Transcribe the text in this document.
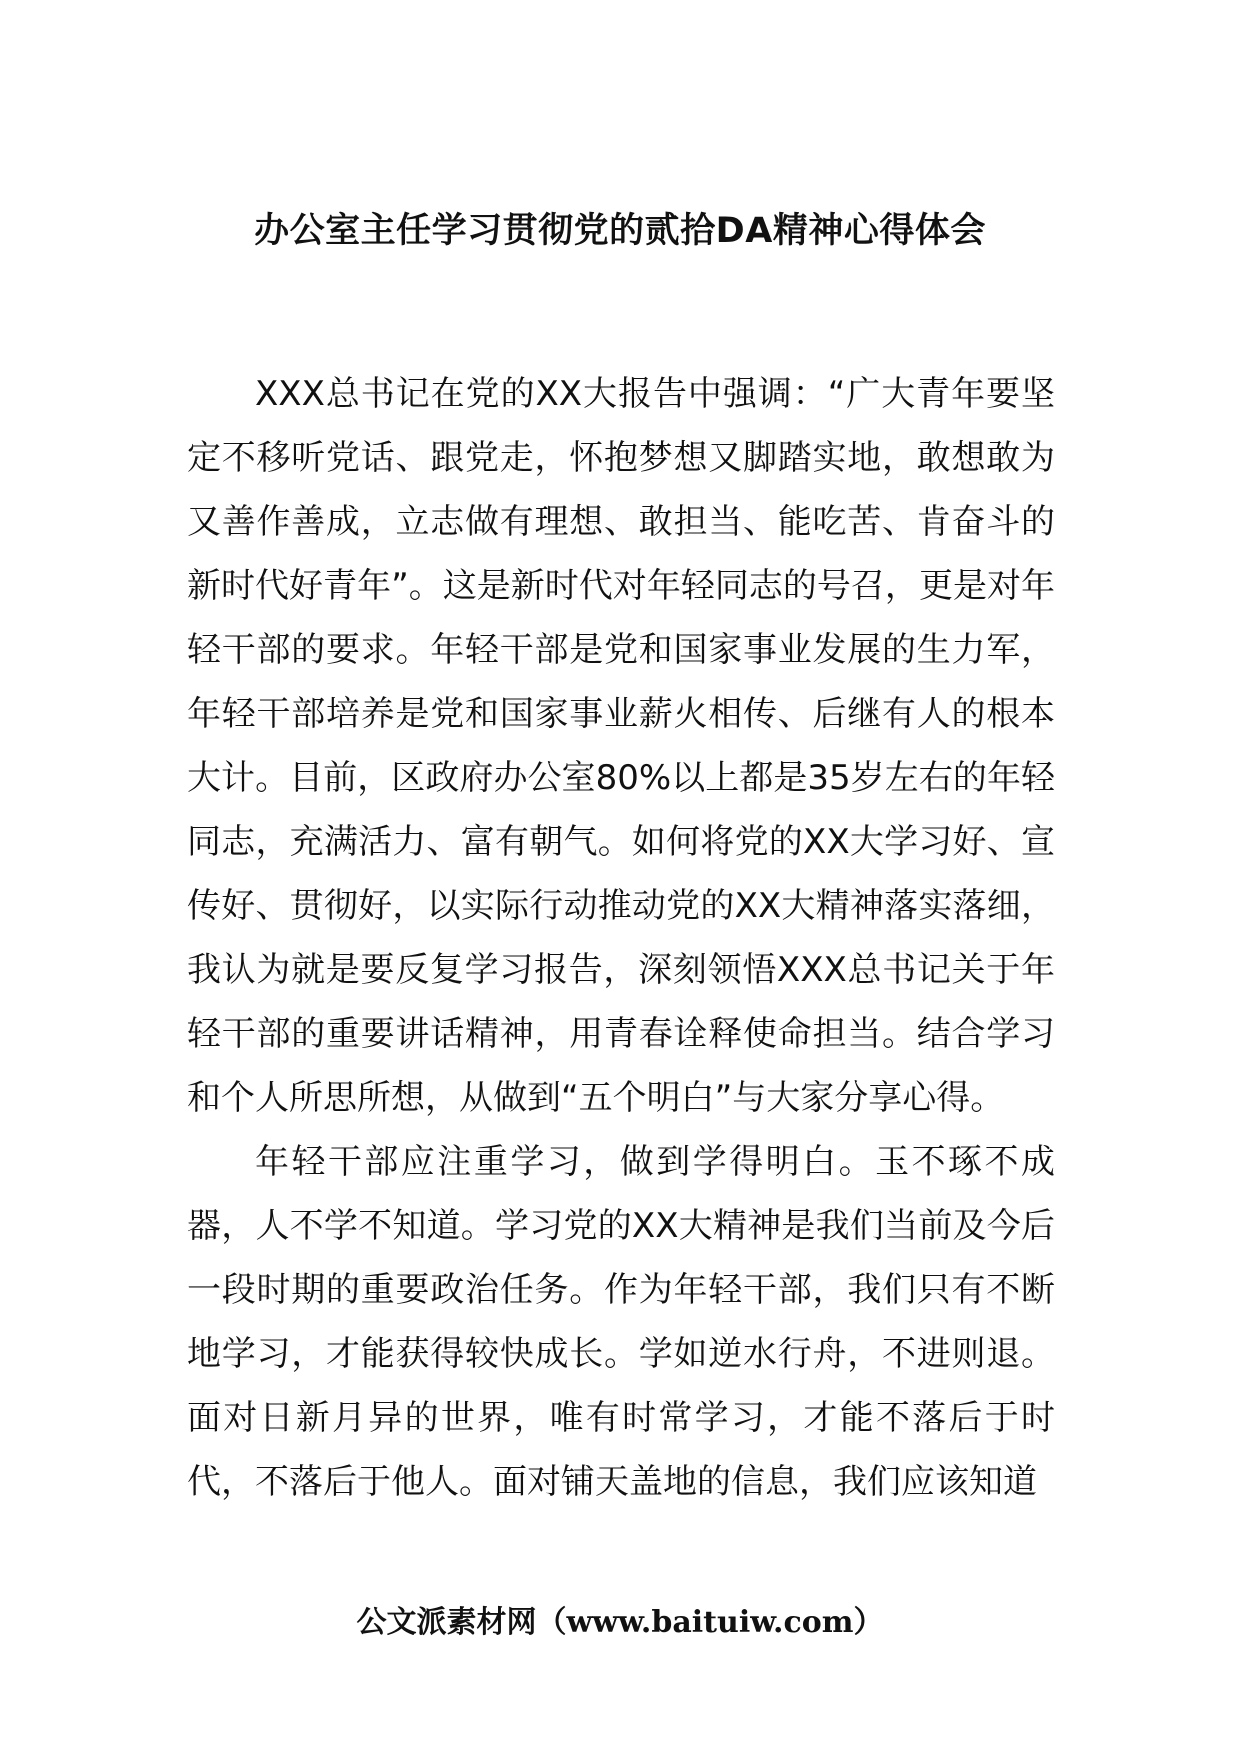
办公室主任学习贯彻党的贰拾DA精神心得体会

XXX总书记在党的XX大报告中强调：“广大青年要坚定不移听党话、跟党走，怀抱梦想又脚踏实地，敢想敢为又善作善成，立志做有理想、敢担当、能吃苦、肯奋斗的新时代好青年”。这是新时代对年轻同志的号召，更是对年轻干部的要求。年轻干部是党和国家事业发展的生力军，年轻干部培养是党和国家事业薪火相传、后继有人的根本大计。目前，区政府办公室80%以上都是35岁左右的年轻同志，充满活力、富有朝气。如何将党的XX大学习好、宣传好、贯彻好，以实际行动推动党的XX大精神落实落细，我认为就是要反复学习报告，深刻领悟XXX总书记关于年轻干部的重要讲话精神，用青春诠释使命担当。结合学习和个人所思所想，从做到“五个明白”与大家分享心得。

年轻干部应注重学习，做到学得明白。玉不琢不成器，人不学不知道。学习党的XX大精神是我们当前及今后一段时期的重要政治任务。作为年轻干部，我们只有不断地学习，才能获得较快成长。学如逆水行舟，不进则退。面对日新月异的世界，唯有时常学习，才能不落后于时代，不落后于他人。面对铺天盖地的信息，我们应该知道

公文派素材网（www.baituiw.com）
